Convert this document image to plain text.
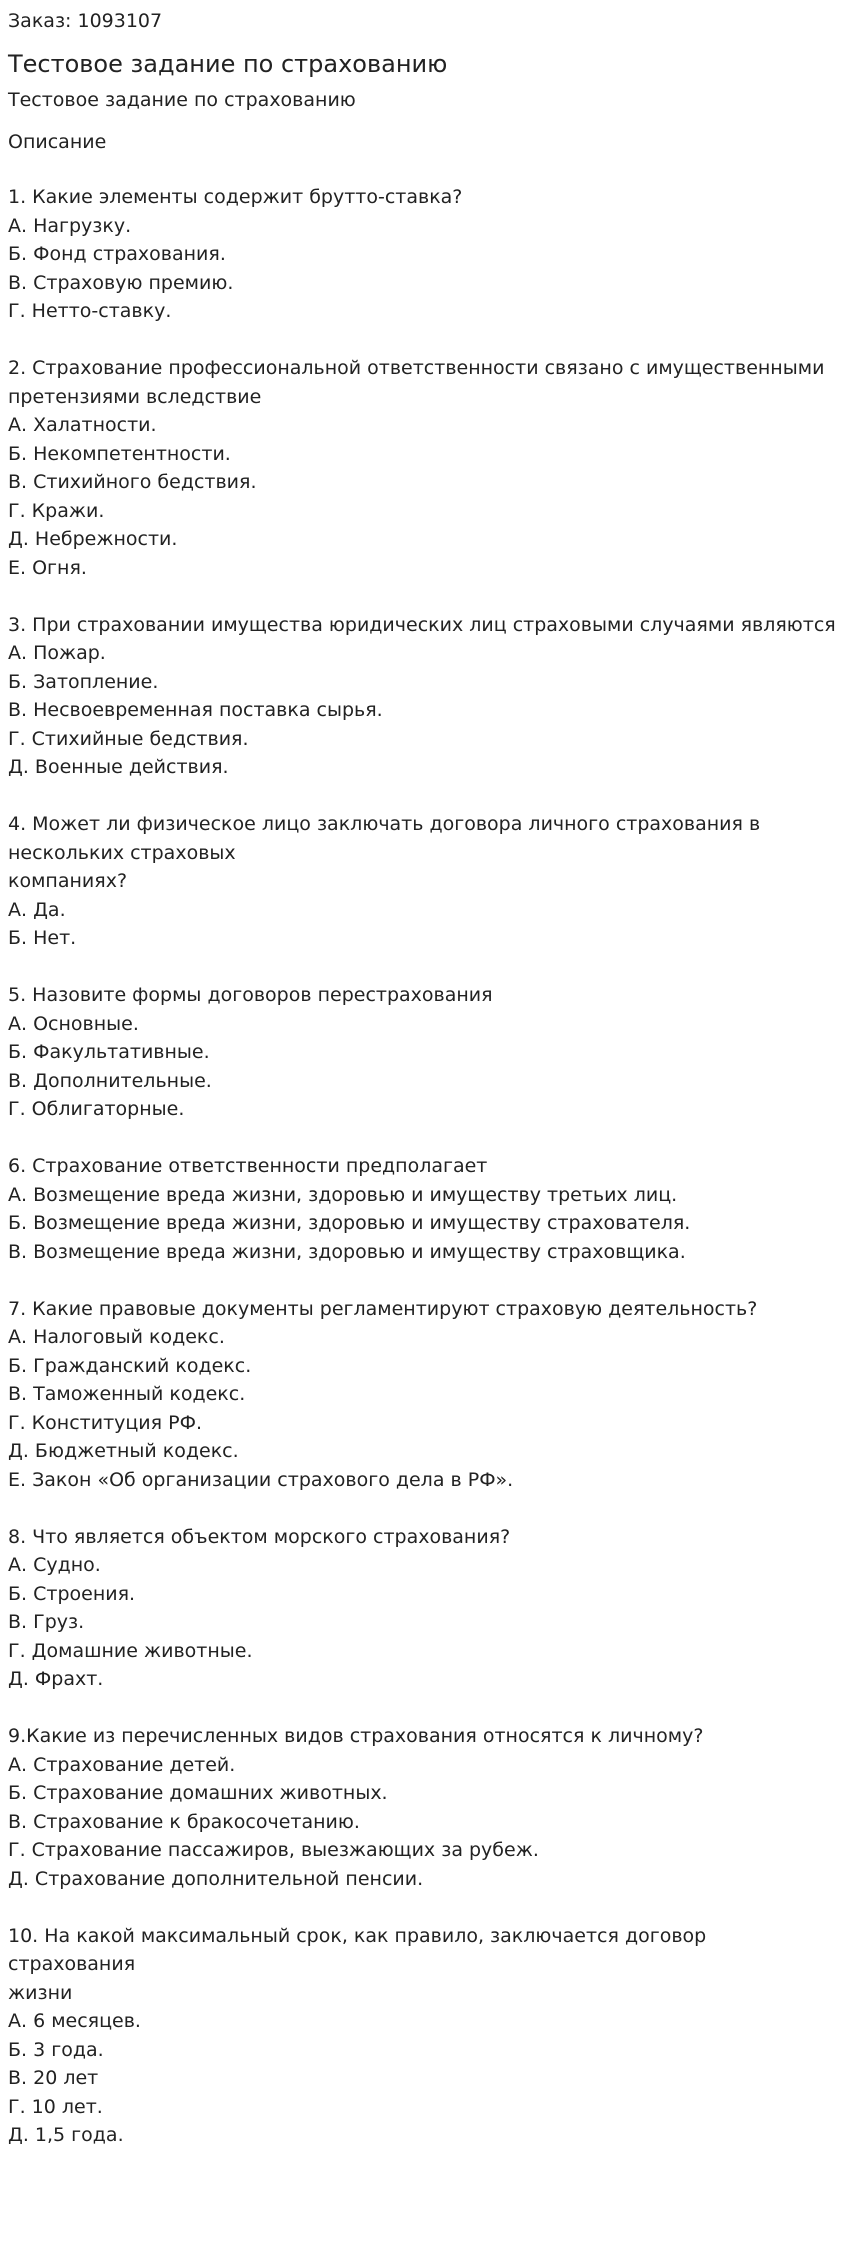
Заказ: 1093107
Тестовое задание по страхованию
Тестовое задание по страхованию
Описание
1. Какие элементы содержит брутто-ставка?
А. Нагрузку.
Б. Фонд страхования.
В. Страховую премию.
Г. Нетто-ставку.
2. Страхование профессиональной ответственности связано с имущественными
претензиями вследствие
А. Халатности.
Б. Некомпетентности.
В. Стихийного бедствия.
Г. Кражи.
Д. Небрежности.
Е. Огня.
3. При страховании имущества юридических лиц страховыми случаями являются
А. Пожар.
Б. Затопление.
В. Несвоевременная поставка сырья.
Г. Стихийные бедствия.
Д. Военные действия.
4. Может ли физическое лицо заключать договора личного страхования в
нескольких страховых
компаниях?
А. Да.
Б. Нет.
5. Назовите формы договоров перестрахования
А. Основные.
Б. Факультативные.
В. Дополнительные.
Г. Облигаторные.
6. Страхование ответственности предполагает
А. Возмещение вреда жизни, здоровью и имуществу третьих лиц.
Б. Возмещение вреда жизни, здоровью и имуществу страхователя.
В. Возмещение вреда жизни, здоровью и имуществу страховщика.
7. Какие правовые документы регламентируют страховую деятельность?
А. Налоговый кодекс.
Б. Гражданский кодекс.
В. Таможенный кодекс.
Г. Конституция РФ.
Д. Бюджетный кодекс.
Е. Закон «Об организации страхового дела в РФ».
8. Что является объектом морского страхования?
А. Судно.
Б. Строения.
В. Груз.
Г. Домашние животные.
Д. Фрахт.
9.Какие из перечисленных видов страхования относятся к личному?
А. Страхование детей.
Б. Страхование домашних животных.
В. Страхование к бракосочетанию.
Г. Страхование пассажиров, выезжающих за рубеж.
Д. Страхование дополнительной пенсии.
10. На какой максимальный срок, как правило, заключается договор страхования
жизни
А. 6 месяцев.
Б. 3 года.
В. 20 лет
Г. 10 лет.
Д. 1,5 года.
